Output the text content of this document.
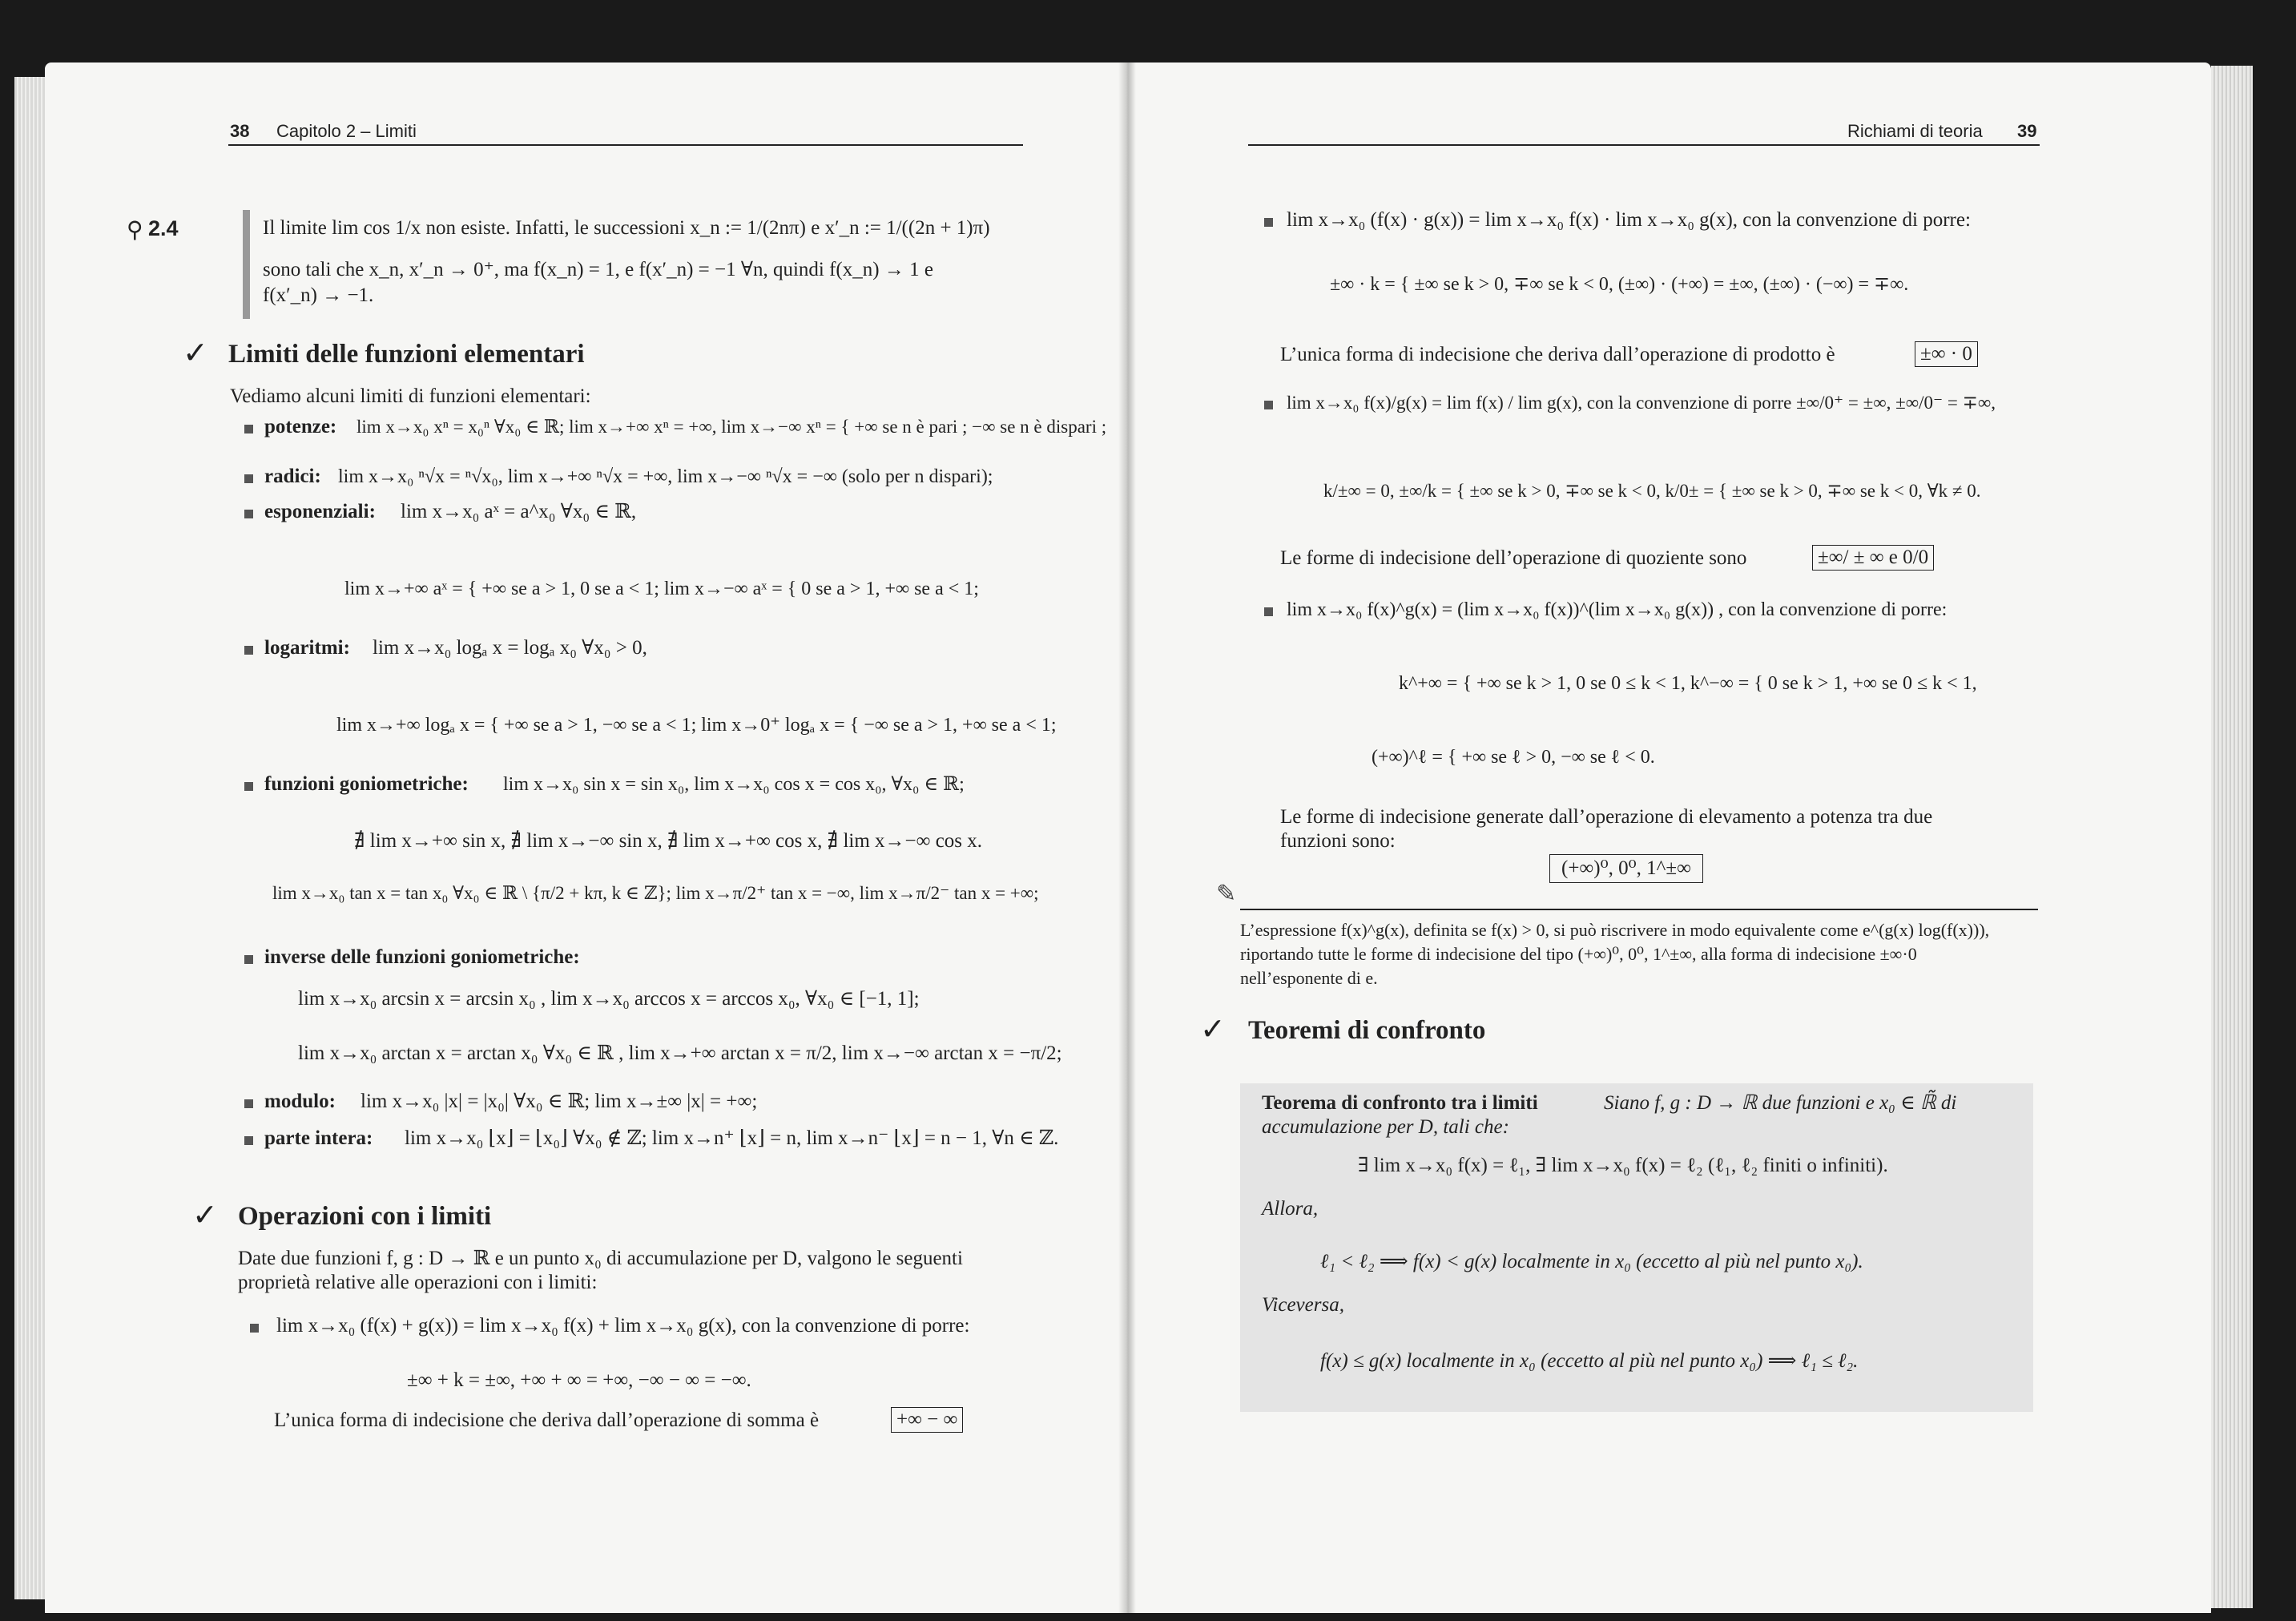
38 Capitolo 2 – Limiti
⚲ 2.4	Il limite lim cos 1/x non esiste. Infatti, le successioni x_n := 1/(2nπ) e x′_n := 1/((2n + 1)π)
sono tali che x_n, x′_n → 0⁺, ma f(x_n) = 1, e f(x′_n) = −1 ∀n, quindi f(x_n) → 1 e
f(x′_n) → −1.
✓ Limiti delle funzioni elementari
Vediamo alcuni limiti di funzioni elementari:
potenze: lim x→x₀ xⁿ = x₀ⁿ ∀x₀ ∈ ℝ; lim x→+∞ xⁿ = +∞, lim x→−∞ xⁿ = { +∞ se n è pari ; −∞ se n è dispari ;
radici: lim x→x₀ ⁿ√x = ⁿ√x₀, lim x→+∞ ⁿ√x = +∞, lim x→−∞ ⁿ√x = −∞ (solo per n dispari);
esponenziali: lim x→x₀ aˣ = a^x₀ ∀x₀ ∈ ℝ,
lim x→+∞ aˣ = { +∞ se a > 1, 0 se a < 1; lim x→−∞ aˣ = { 0 se a > 1, +∞ se a < 1;
logaritmi: lim x→x₀ logₐ x = logₐ x₀ ∀x₀ > 0,
lim x→+∞ logₐ x = { +∞ se a > 1, −∞ se a < 1; lim x→0⁺ logₐ x = { −∞ se a > 1, +∞ se a < 1;
funzioni goniometriche: lim x→x₀ sin x = sin x₀, lim x→x₀ cos x = cos x₀, ∀x₀ ∈ ℝ;
∄ lim x→+∞ sin x, ∄ lim x→−∞ sin x, ∄ lim x→+∞ cos x, ∄ lim x→−∞ cos x.
lim x→x₀ tan x = tan x₀ ∀x₀ ∈ ℝ \ {π/2 + kπ, k ∈ ℤ}; lim x→π/2⁺ tan x = −∞, lim x→π/2⁻ tan x = +∞;
inverse delle funzioni goniometriche:
lim x→x₀ arcsin x = arcsin x₀ , lim x→x₀ arccos x = arccos x₀, ∀x₀ ∈ [−1, 1];
lim x→x₀ arctan x = arctan x₀ ∀x₀ ∈ ℝ , lim x→+∞ arctan x = π/2, lim x→−∞ arctan x = −π/2;
modulo: lim x→x₀ |x| = |x₀| ∀x₀ ∈ ℝ; lim x→±∞ |x| = +∞;
parte intera: lim x→x₀ ⌊x⌋ = ⌊x₀⌋ ∀x₀ ∉ ℤ; lim x→n⁺ ⌊x⌋ = n, lim x→n⁻ ⌊x⌋ = n − 1, ∀n ∈ ℤ.
✓ Operazioni con i limiti
Date due funzioni f, g : D → ℝ e un punto x₀ di accumulazione per D, valgono le seguenti
proprietà relative alle operazioni con i limiti:
lim x→x₀ (f(x) + g(x)) = lim x→x₀ f(x) + lim x→x₀ g(x), con la convenzione di porre:
±∞ + k = ±∞, +∞ + ∞ = +∞, −∞ − ∞ = −∞.
L’unica forma di indecisione che deriva dall’operazione di somma è	+∞ − ∞
Richiami di teoria 39
lim x→x₀ (f(x) · g(x)) = lim x→x₀ f(x) · lim x→x₀ g(x), con la convenzione di porre:
±∞ · k = { ±∞ se k > 0, ∓∞ se k < 0, (±∞) · (+∞) = ±∞, (±∞) · (−∞) = ∓∞.
L’unica forma di indecisione che deriva dall’operazione di prodotto è	±∞ · 0
lim x→x₀ f(x)/g(x) = lim f(x) / lim g(x), con la convenzione di porre ±∞/0⁺ = ±∞, ±∞/0⁻ = ∓∞,
k/±∞ = 0, ±∞/k = { ±∞ se k > 0, ∓∞ se k < 0, k/0± = { ±∞ se k > 0, ∓∞ se k < 0, ∀k ≠ 0.
Le forme di indecisione dell’operazione di quoziente sono	±∞/ ± ∞ e 0/0
lim x→x₀ f(x)^g(x) = (lim x→x₀ f(x))^(lim x→x₀ g(x)) , con la convenzione di porre:
k^+∞ = { +∞ se k > 1, 0 se 0 ≤ k < 1, k^−∞ = { 0 se k > 1, +∞ se 0 ≤ k < 1,
(+∞)^ℓ = { +∞ se ℓ > 0, −∞ se ℓ < 0.
Le forme di indecisione generate dall’operazione di elevamento a potenza tra due
funzioni sono:
(+∞)⁰, 0⁰, 1^±∞
✎
L’espressione f(x)^g(x), definita se f(x) > 0, si può riscrivere in modo equivalente come e^(g(x) log(f(x))),
riportando tutte le forme di indecisione del tipo (+∞)⁰, 0⁰, 1^±∞, alla forma di indecisione ±∞·0
nell’esponente di e.
✓ Teoremi di confronto
Teorema di confronto tra i limiti	Siano f, g : D → ℝ due funzioni e x₀ ∈ ℝ̃ di
accumulazione per D, tali che:
∃ lim x→x₀ f(x) = ℓ₁, ∃ lim x→x₀ f(x) = ℓ₂ (ℓ₁, ℓ₂ finiti o infiniti).
Allora,
ℓ₁ < ℓ₂ ⟹ f(x) < g(x) localmente in x₀ (eccetto al più nel punto x₀).
Viceversa,
f(x) ≤ g(x) localmente in x₀ (eccetto al più nel punto x₀) ⟹ ℓ₁ ≤ ℓ₂.
